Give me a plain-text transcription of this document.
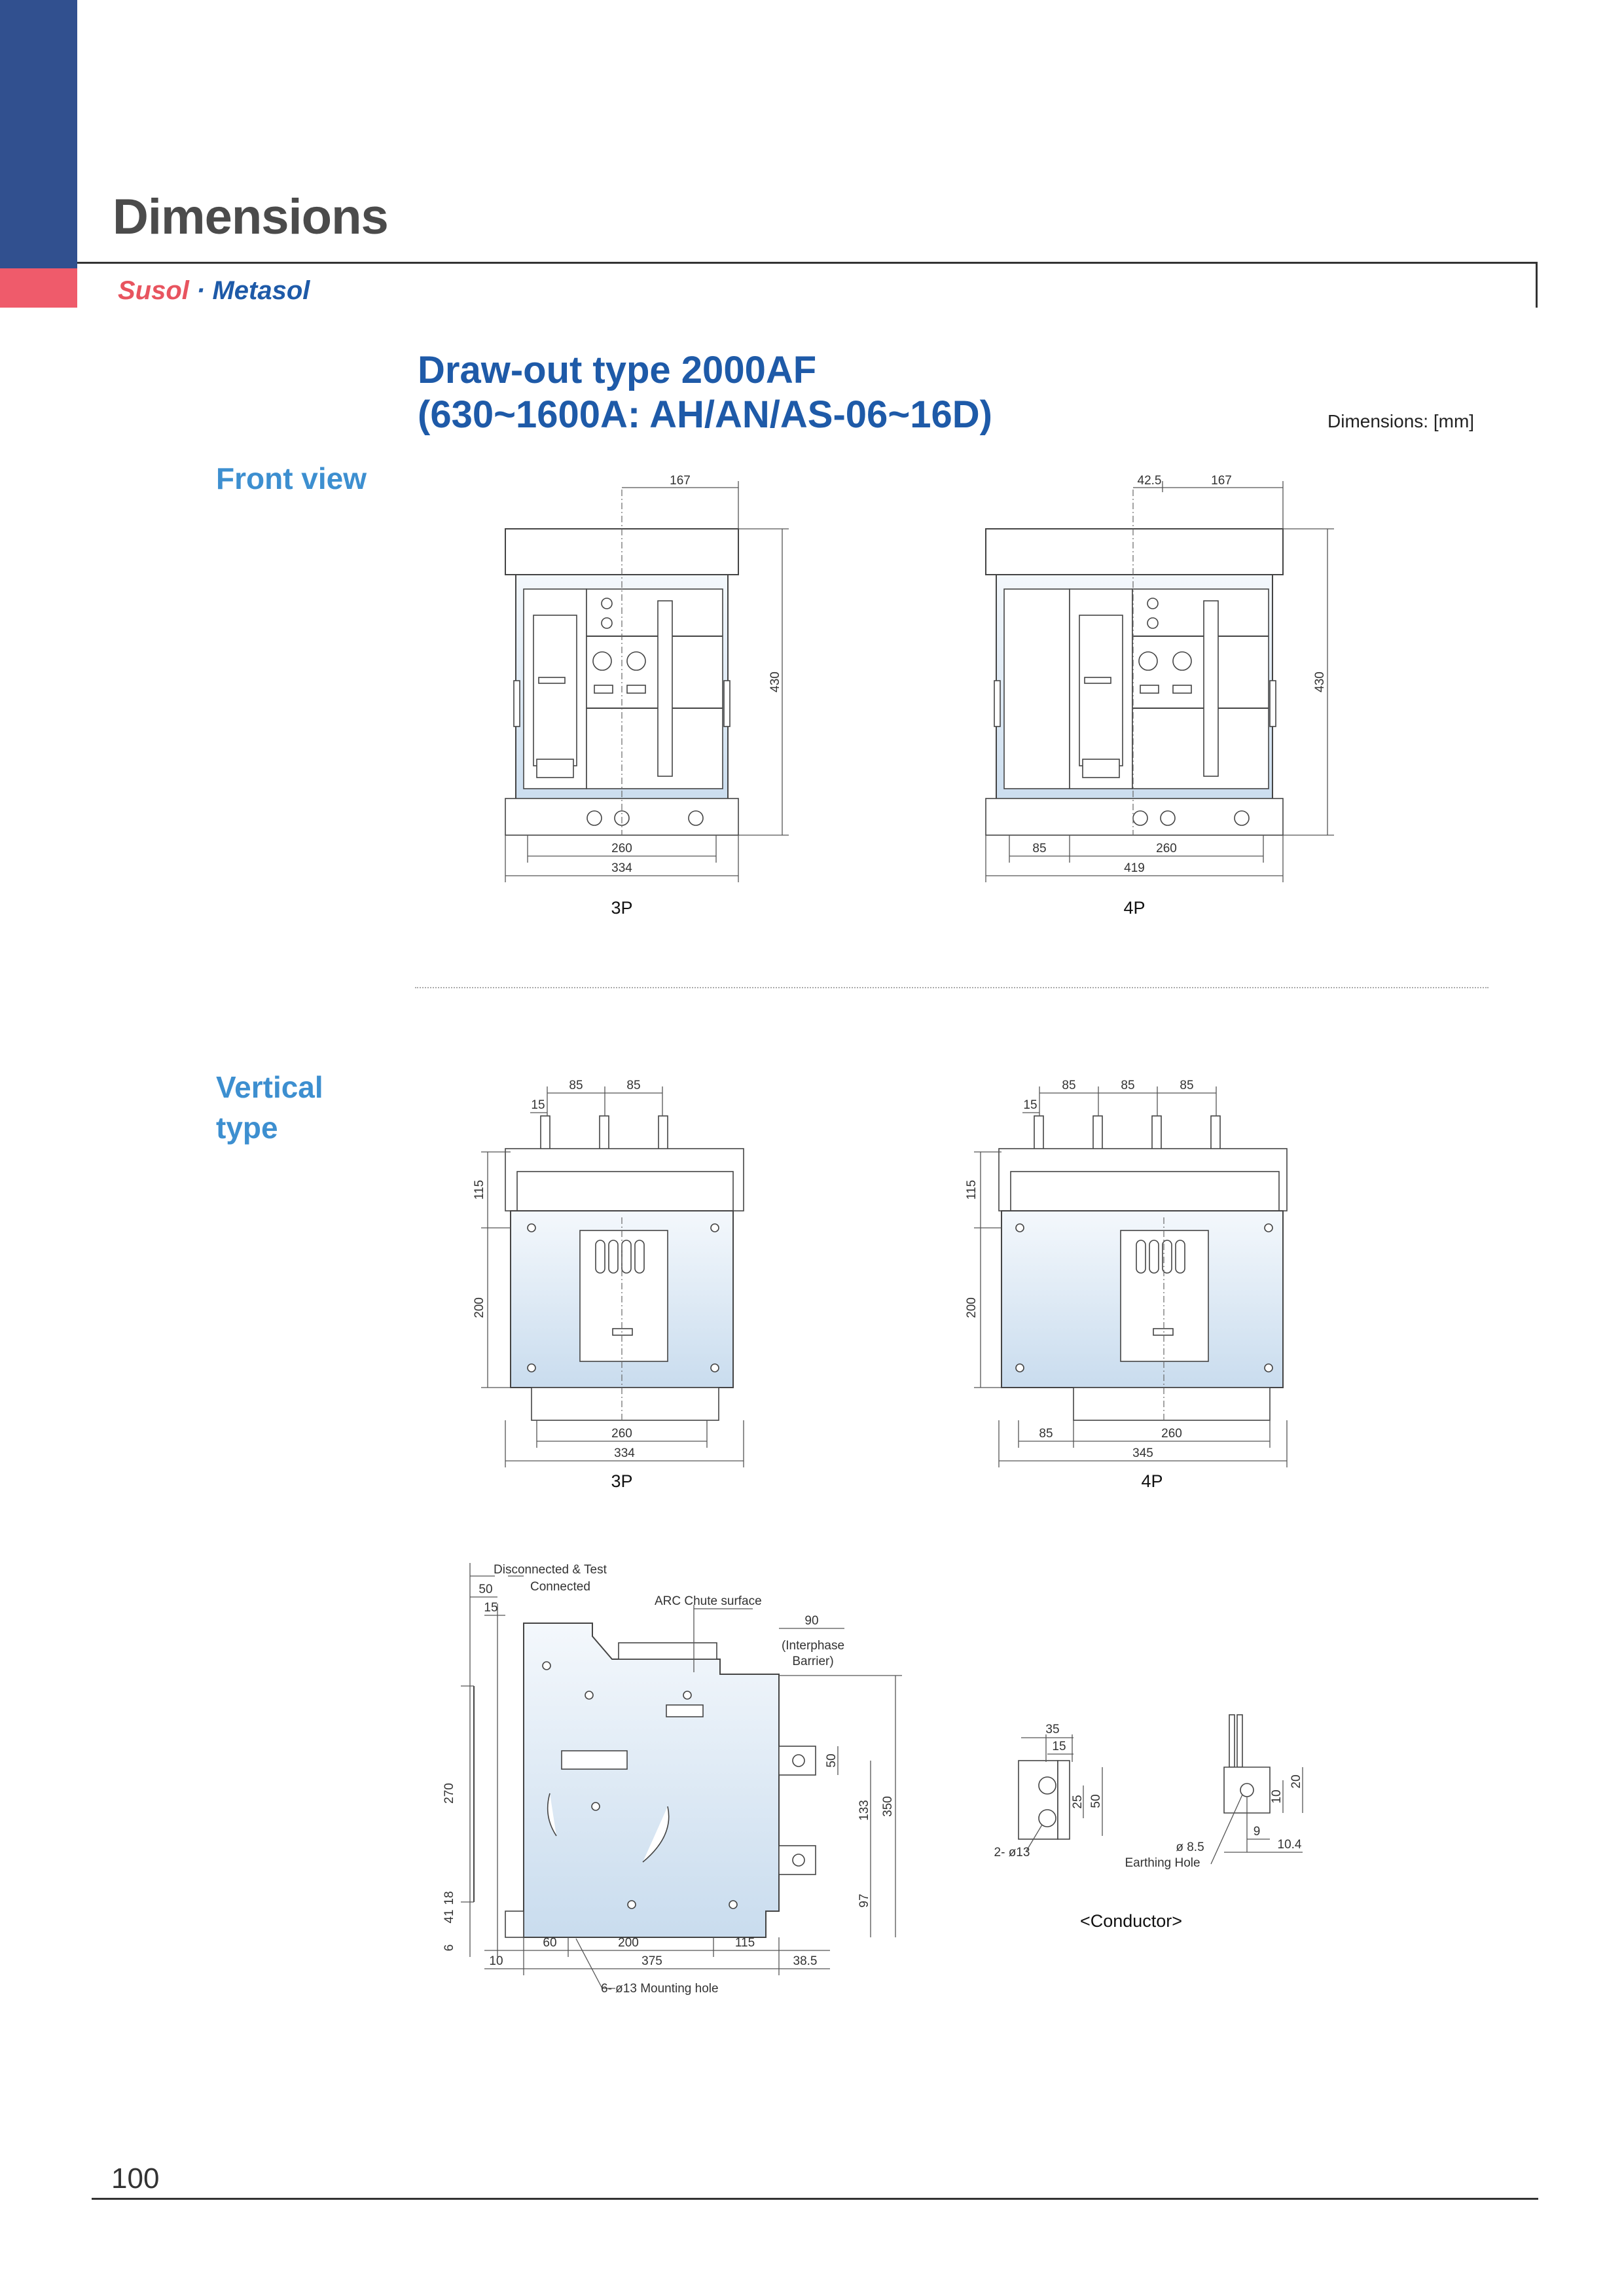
Dimensions
Susol · Metasol
Draw-out type 2000AF
(630~1600A: AH/AN/AS-06~16D)	Dimensions: [mm]
Front view
Vertical
type
167
430
260
334
3P
42.5	167
430
85	260
419
4P
85	85
15
115
200
260
334
3P
85	85	85
15
115
200
85	260
345
4P
Disconnected & Test
Connected
50
15	ARC Chute surface
90
(Interphase
Barrier)
270
41
18
6
50
133 350
97
60	200	115
10	375	38.5
6- ø13 Mounting hole
35
15
25 50
2- ø13
10
20
9
10.4
ø 8.5
Earthing Hole
<Conductor>
100
